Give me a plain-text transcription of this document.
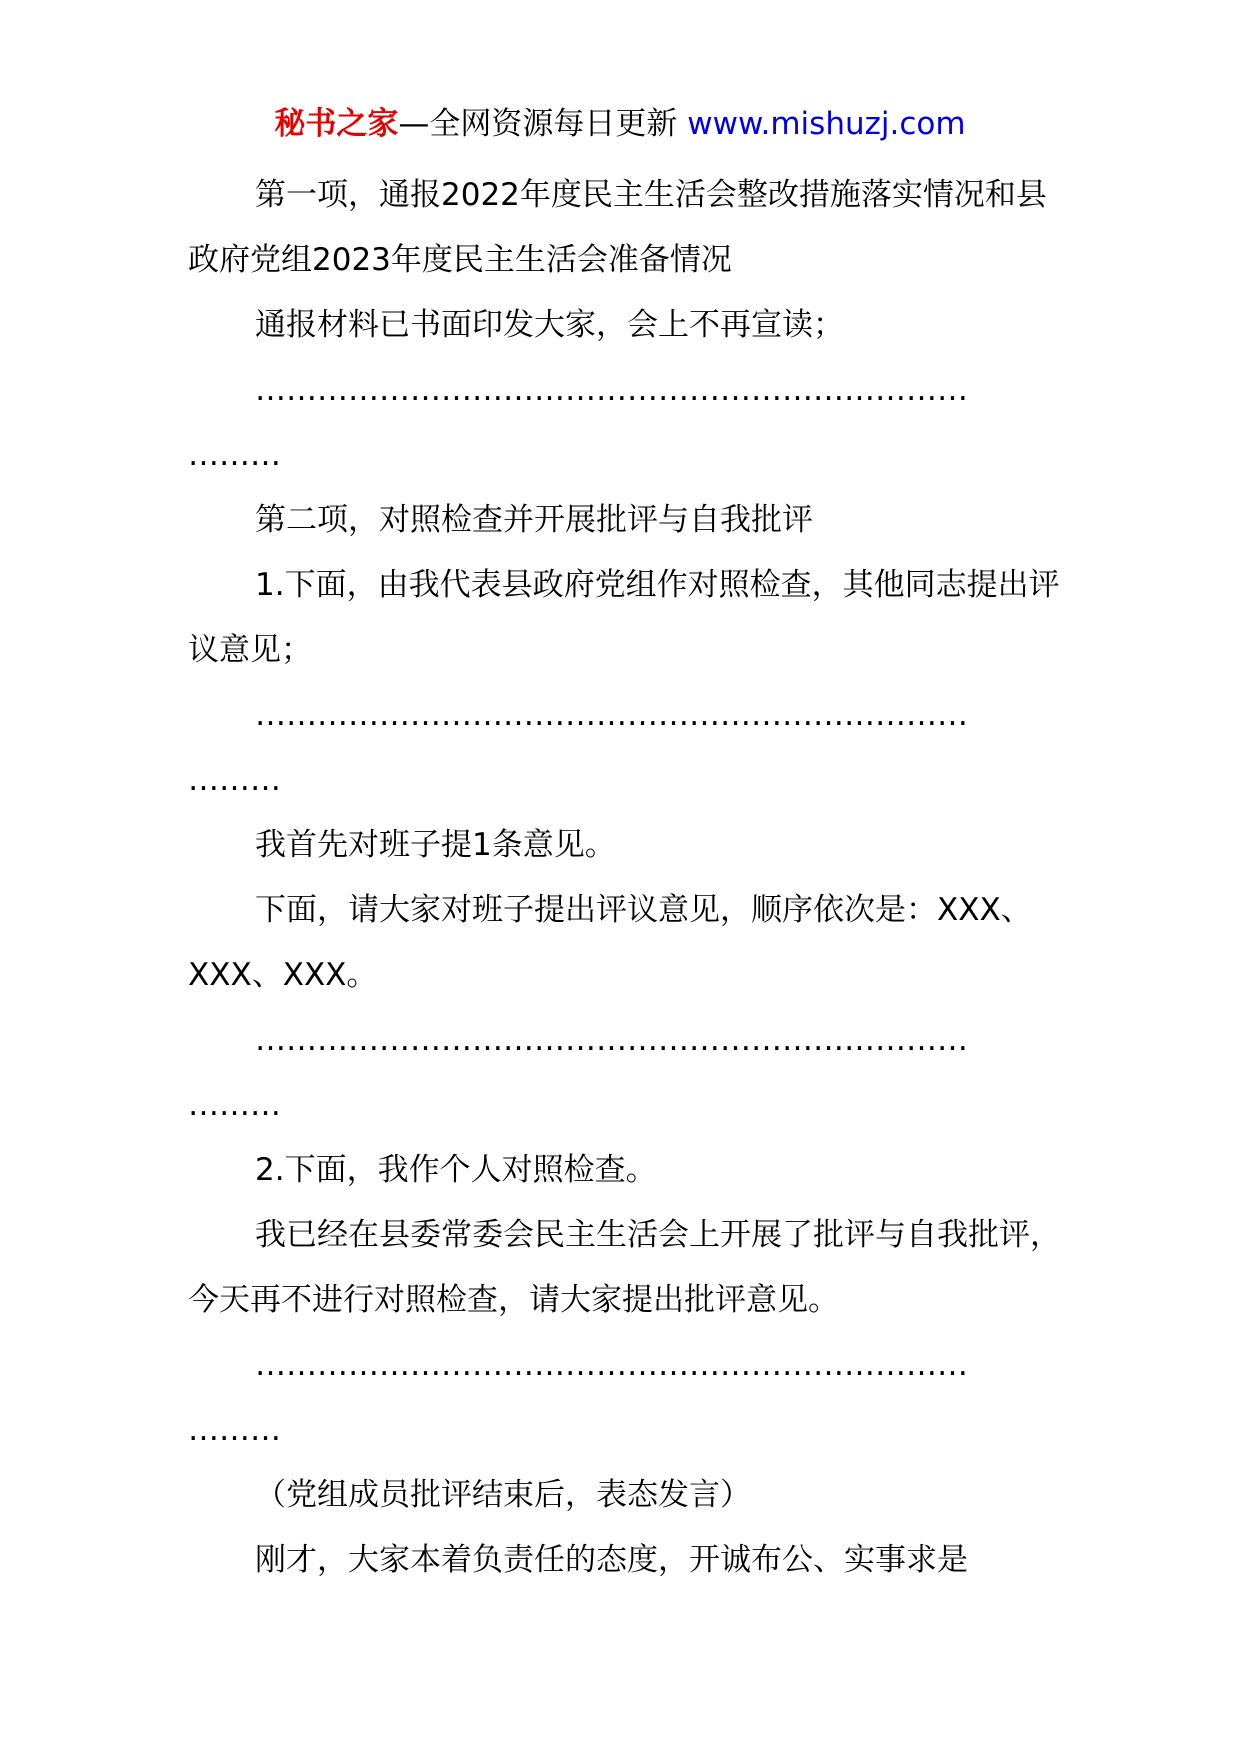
秘书之家—全网资源每日更新 www.mishuzj.com

第一项，通报2022年度民主生活会整改措施落实情况和县政府党组2023年度民主生活会准备情况

通报材料已书面印发大家，会上不再宣读；

……………………………………………………………

………

第二项，对照检查并开展批评与自我批评

1.下面，由我代表县政府党组作对照检查，其他同志提出评议意见；

……………………………………………………………

………

我首先对班子提1条意见。

下面，请大家对班子提出评议意见，顺序依次是：XXX、XXX、XXX。

……………………………………………………………

………

2.下面，我作个人对照检查。

我已经在县委常委会民主生活会上开展了批评与自我批评，今天再不进行对照检查，请大家提出批评意见。

……………………………………………………………

………

（党组成员批评结束后，表态发言）

刚才，大家本着负责任的态度，开诚布公、实事求是
